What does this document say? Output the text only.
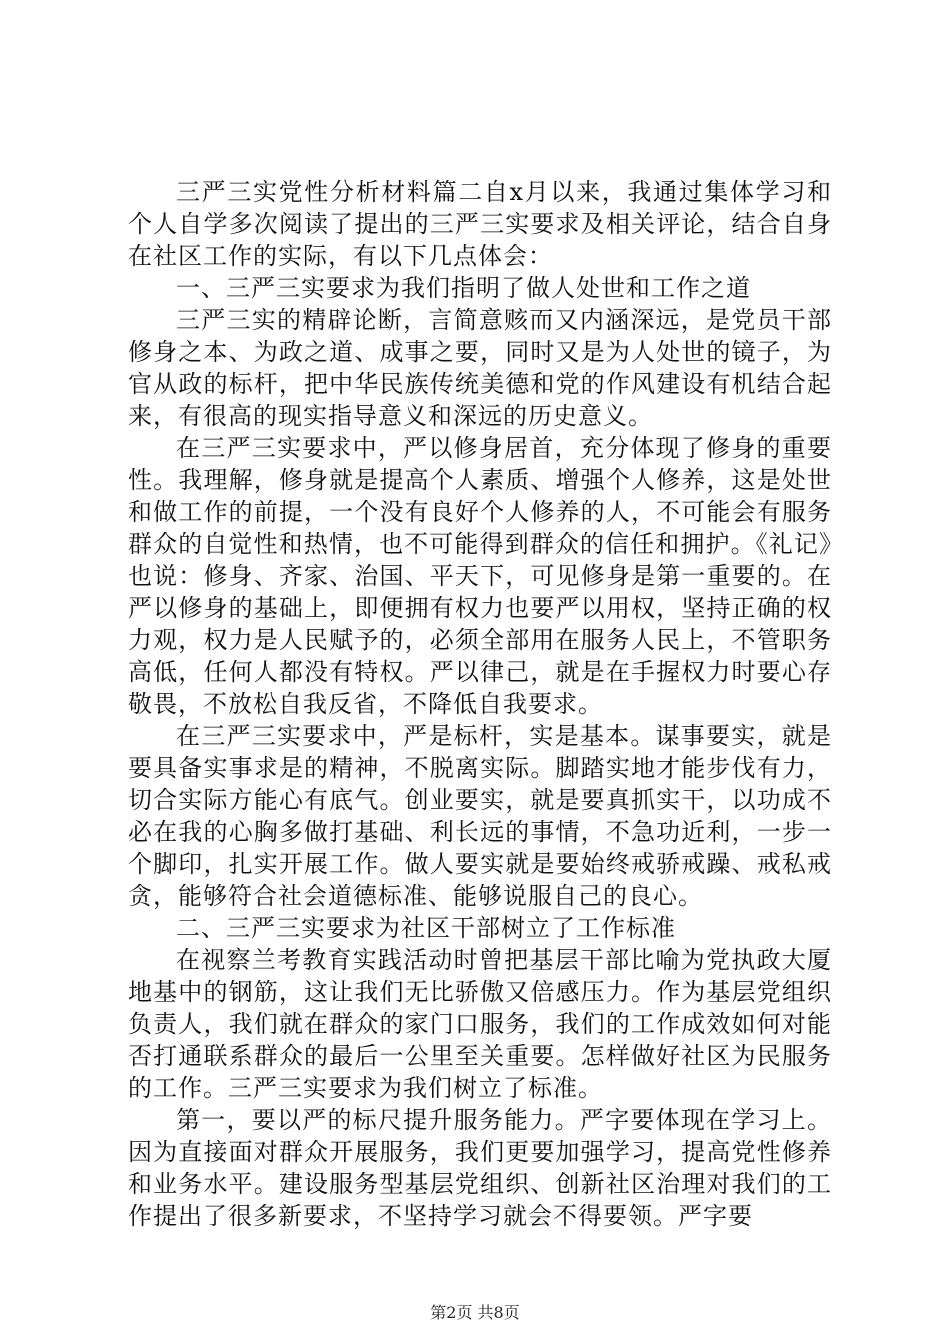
三严三实党性分析材料篇二自x月以来，我通过集体学习和个人自学多次阅读了提出的三严三实要求及相关评论，结合自身在社区工作的实际，有以下几点体会：

一、三严三实要求为我们指明了做人处世和工作之道

三严三实的精辟论断，言简意赅而又内涵深远，是党员干部修身之本、为政之道、成事之要，同时又是为人处世的镜子，为官从政的标杆，把中华民族传统美德和党的作风建设有机结合起来，有很高的现实指导意义和深远的历史意义。

在三严三实要求中，严以修身居首，充分体现了修身的重要性。我理解，修身就是提高个人素质、增强个人修养，这是处世和做工作的前提，一个没有良好个人修养的人，不可能会有服务群众的自觉性和热情，也不可能得到群众的信任和拥护。《礼记》也说：修身、齐家、治国、平天下，可见修身是第一重要的。在严以修身的基础上，即便拥有权力也要严以用权，坚持正确的权力观，权力是人民赋予的，必须全部用在服务人民上，不管职务高低，任何人都没有特权。严以律己，就是在手握权力时要心存敬畏，不放松自我反省，不降低自我要求。

在三严三实要求中，严是标杆，实是基本。谋事要实，就是要具备实事求是的精神，不脱离实际。脚踏实地才能步伐有力，切合实际方能心有底气。创业要实，就是要真抓实干，以功成不必在我的心胸多做打基础、利长远的事情，不急功近利，一步一个脚印，扎实开展工作。做人要实就是要始终戒骄戒躁、戒私戒贪，能够符合社会道德标准、能够说服自己的良心。

二、三严三实要求为社区干部树立了工作标准

在视察兰考教育实践活动时曾把基层干部比喻为党执政大厦地基中的钢筋，这让我们无比骄傲又倍感压力。作为基层党组织负责人，我们就在群众的家门口服务，我们的工作成效如何对能否打通联系群众的最后一公里至关重要。怎样做好社区为民服务的工作。三严三实要求为我们树立了标准。

第一，要以严的标尺提升服务能力。严字要体现在学习上。因为直接面对群众开展服务，我们更要加强学习，提高党性修养和业务水平。建设服务型基层党组织、创新社区治理对我们的工作提出了很多新要求，不坚持学习就会不得要领。严字要

第2页 共8页
